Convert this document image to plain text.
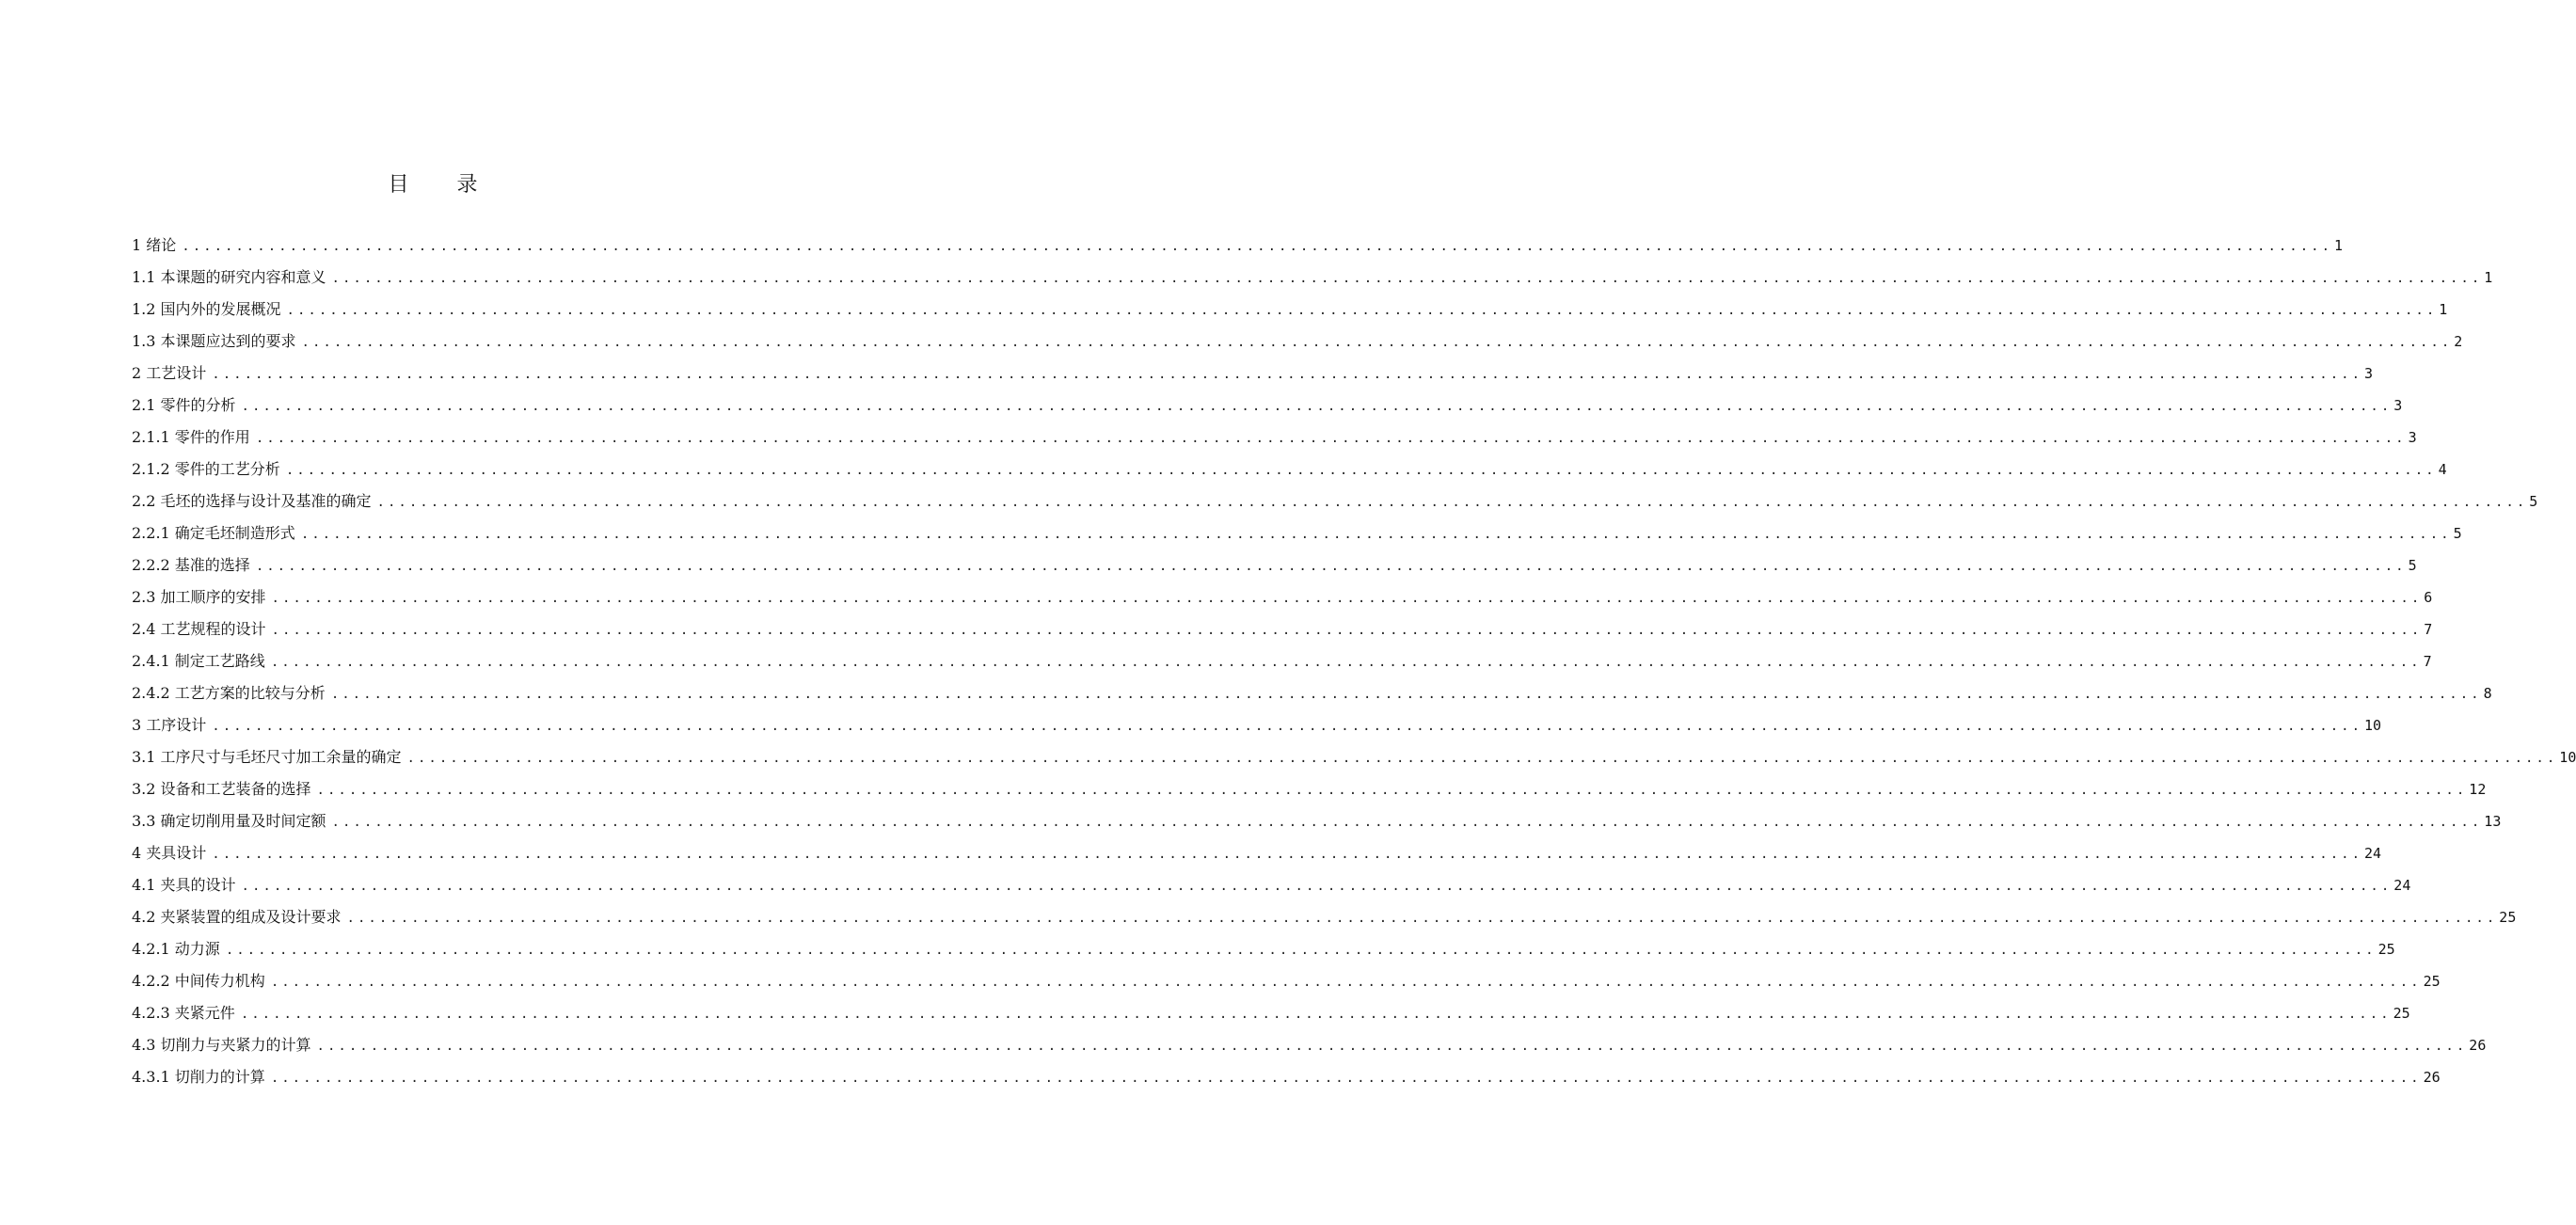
目 录
1 绪论 ........................................................................................................................................................................................................ 1
1.1 本课题的研究内容和意义 ........................................................................................................................................................................................................ 1
1.2 国内外的发展概况 ........................................................................................................................................................................................................ 1
1.3 本课题应达到的要求 ........................................................................................................................................................................................................ 2
2 工艺设计 ........................................................................................................................................................................................................ 3
2.1 零件的分析 ........................................................................................................................................................................................................ 3
2.1.1 零件的作用 ........................................................................................................................................................................................................ 3
2.1.2 零件的工艺分析 ........................................................................................................................................................................................................ 4
2.2 毛坯的选择与设计及基准的确定 ........................................................................................................................................................................................................ 5
2.2.1 确定毛坯制造形式 ........................................................................................................................................................................................................ 5
2.2.2 基准的选择 ........................................................................................................................................................................................................ 5
2.3 加工顺序的安排 ........................................................................................................................................................................................................ 6
2.4 工艺规程的设计 ........................................................................................................................................................................................................ 7
2.4.1 制定工艺路线 ........................................................................................................................................................................................................ 7
2.4.2 工艺方案的比较与分析 ........................................................................................................................................................................................................ 8
3 工序设计 ........................................................................................................................................................................................................ 10
3.1 工序尺寸与毛坯尺寸加工余量的确定 ........................................................................................................................................................................................................ 10
3.2 设备和工艺装备的选择 ........................................................................................................................................................................................................ 12
3.3 确定切削用量及时间定额 ........................................................................................................................................................................................................ 13
4 夹具设计 ........................................................................................................................................................................................................ 24
4.1 夹具的设计 ........................................................................................................................................................................................................ 24
4.2 夹紧装置的组成及设计要求 ........................................................................................................................................................................................................ 25
4.2.1 动力源 ........................................................................................................................................................................................................ 25
4.2.2 中间传力机构 ........................................................................................................................................................................................................ 25
4.2.3 夹紧元件 ........................................................................................................................................................................................................ 25
4.3 切削力与夹紧力的计算 ........................................................................................................................................................................................................ 26
4.3.1 切削力的计算 ........................................................................................................................................................................................................ 26
